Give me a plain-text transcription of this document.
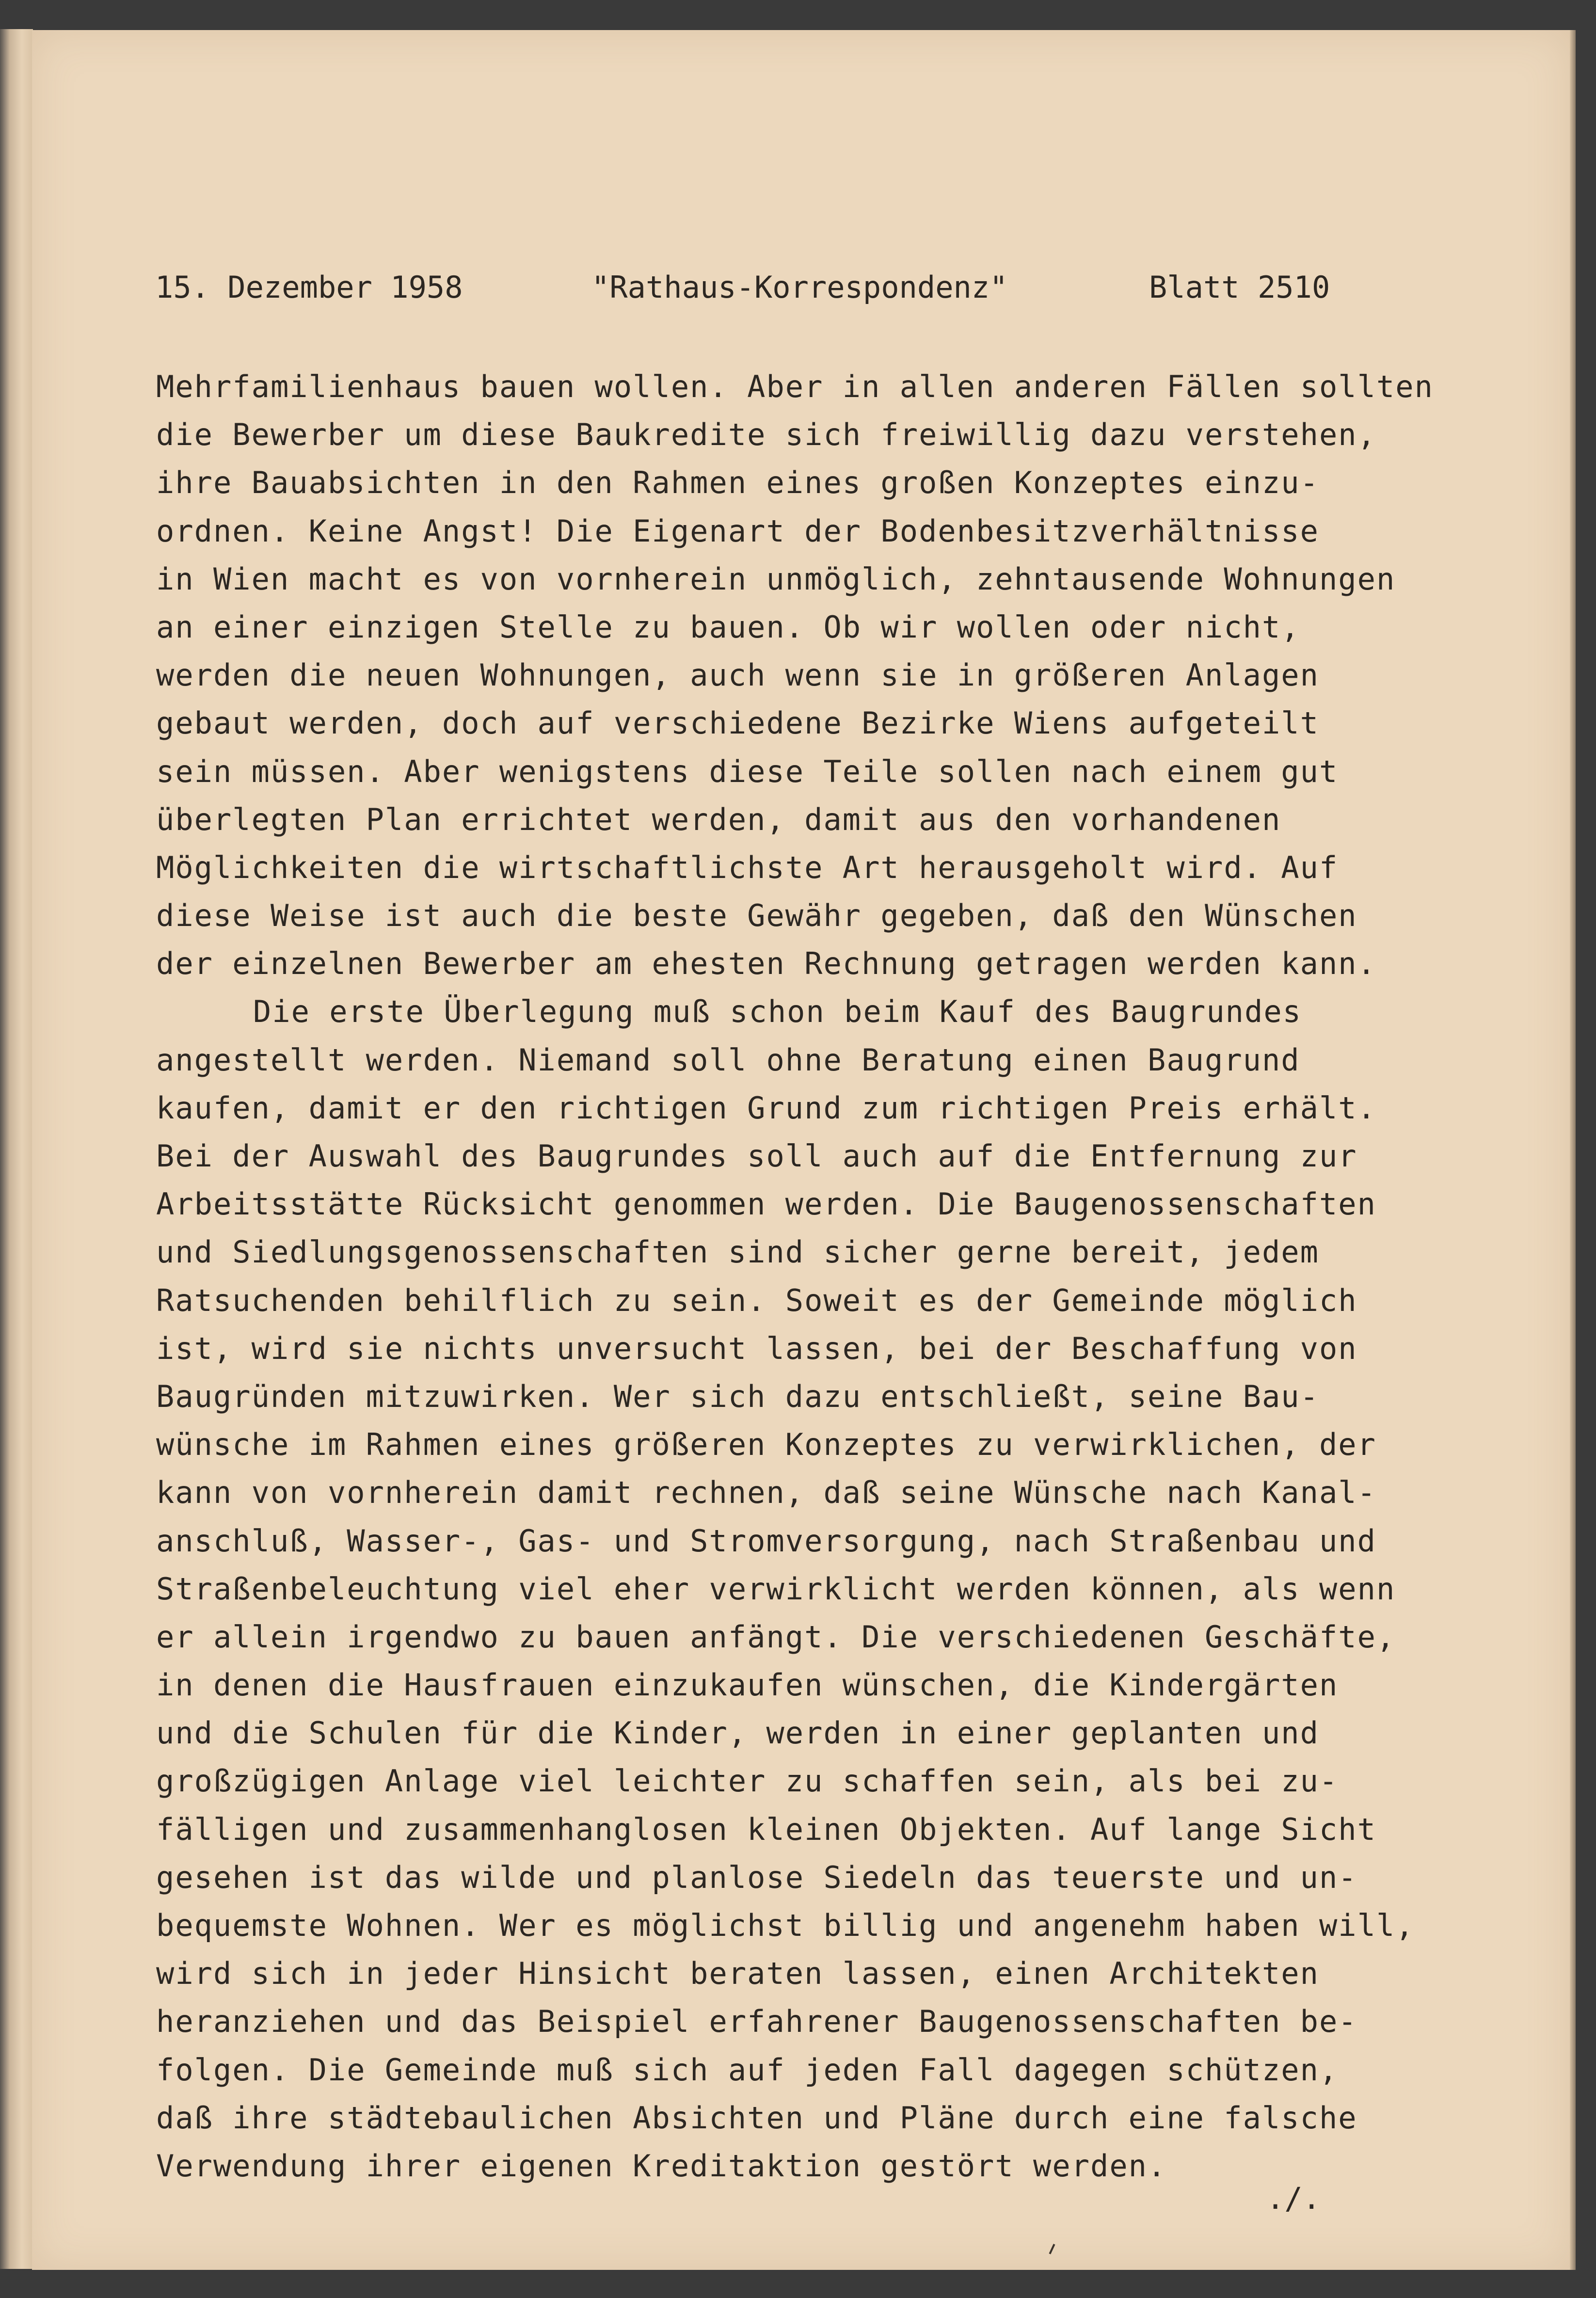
15. Dezember 1958	"Rathaus-Korrespondenz"	Blatt 2510
Mehrfamilienhaus bauen wollen. Aber in allen anderen Fällen sollten
die Bewerber um diese Baukredite sich freiwillig dazu verstehen,
ihre Bauabsichten in den Rahmen eines großen Konzeptes einzu-
ordnen. Keine Angst! Die Eigenart der Bodenbesitzverhältnisse
in Wien macht es von vornherein unmöglich, zehntausende Wohnungen
an einer einzigen Stelle zu bauen. Ob wir wollen oder nicht,
werden die neuen Wohnungen, auch wenn sie in größeren Anlagen
gebaut werden, doch auf verschiedene Bezirke Wiens aufgeteilt
sein müssen. Aber wenigstens diese Teile sollen nach einem gut
überlegten Plan errichtet werden, damit aus den vorhandenen
Möglichkeiten die wirtschaftlichste Art herausgeholt wird. Auf
diese Weise ist auch die beste Gewähr gegeben, daß den Wünschen
der einzelnen Bewerber am ehesten Rechnung getragen werden kann.
Die erste Überlegung muß schon beim Kauf des Baugrundes
angestellt werden. Niemand soll ohne Beratung einen Baugrund
kaufen, damit er den richtigen Grund zum richtigen Preis erhält.
Bei der Auswahl des Baugrundes soll auch auf die Entfernung zur
Arbeitsstätte Rücksicht genommen werden. Die Baugenossenschaften
und Siedlungsgenossenschaften sind sicher gerne bereit, jedem
Ratsuchenden behilflich zu sein. Soweit es der Gemeinde möglich
ist, wird sie nichts unversucht lassen, bei der Beschaffung von
Baugründen mitzuwirken. Wer sich dazu entschließt, seine Bau-
wünsche im Rahmen eines größeren Konzeptes zu verwirklichen, der
kann von vornherein damit rechnen, daß seine Wünsche nach Kanal-
anschluß, Wasser-, Gas- und Stromversorgung, nach Straßenbau und
Straßenbeleuchtung viel eher verwirklicht werden können, als wenn
er allein irgendwo zu bauen anfängt. Die verschiedenen Geschäfte,
in denen die Hausfrauen einzukaufen wünschen, die Kindergärten
und die Schulen für die Kinder, werden in einer geplanten und
großzügigen Anlage viel leichter zu schaffen sein, als bei zu-
fälligen und zusammenhanglosen kleinen Objekten. Auf lange Sicht
gesehen ist das wilde und planlose Siedeln das teuerste und un-
bequemste Wohnen. Wer es möglichst billig und angenehm haben will,
wird sich in jeder Hinsicht beraten lassen, einen Architekten
heranziehen und das Beispiel erfahrener Baugenossenschaften be-
folgen. Die Gemeinde muß sich auf jeden Fall dagegen schützen,
daß ihre städtebaulichen Absichten und Pläne durch eine falsche
Verwendung ihrer eigenen Kreditaktion gestört werden.
./.
